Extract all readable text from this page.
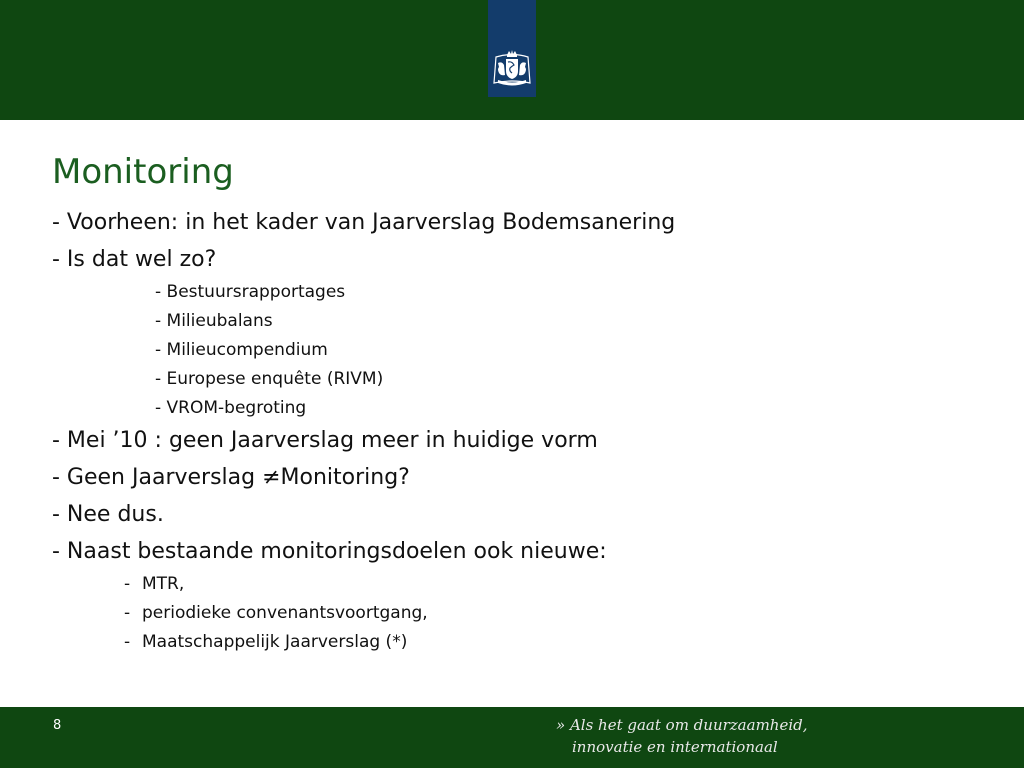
Monitoring
- Voorheen: in het kader van Jaarverslag Bodemsanering
- Is dat wel zo?
- Bestuursrapportages
- Milieubalans
- Milieucompendium
- Europese enquête (RIVM)
- VROM-begroting
- Mei ’10 : geen Jaarverslag meer in huidige vorm
- Geen Jaarverslag ≠Monitoring?
- Nee dus.
- Naast bestaande monitoringsdoelen ook nieuwe:
- MTR,
- periodieke convenantsvoortgang,
- Maatschappelijk Jaarverslag (*)
8	» Als het gaat om duurzaamheid,
innovatie en internationaal
